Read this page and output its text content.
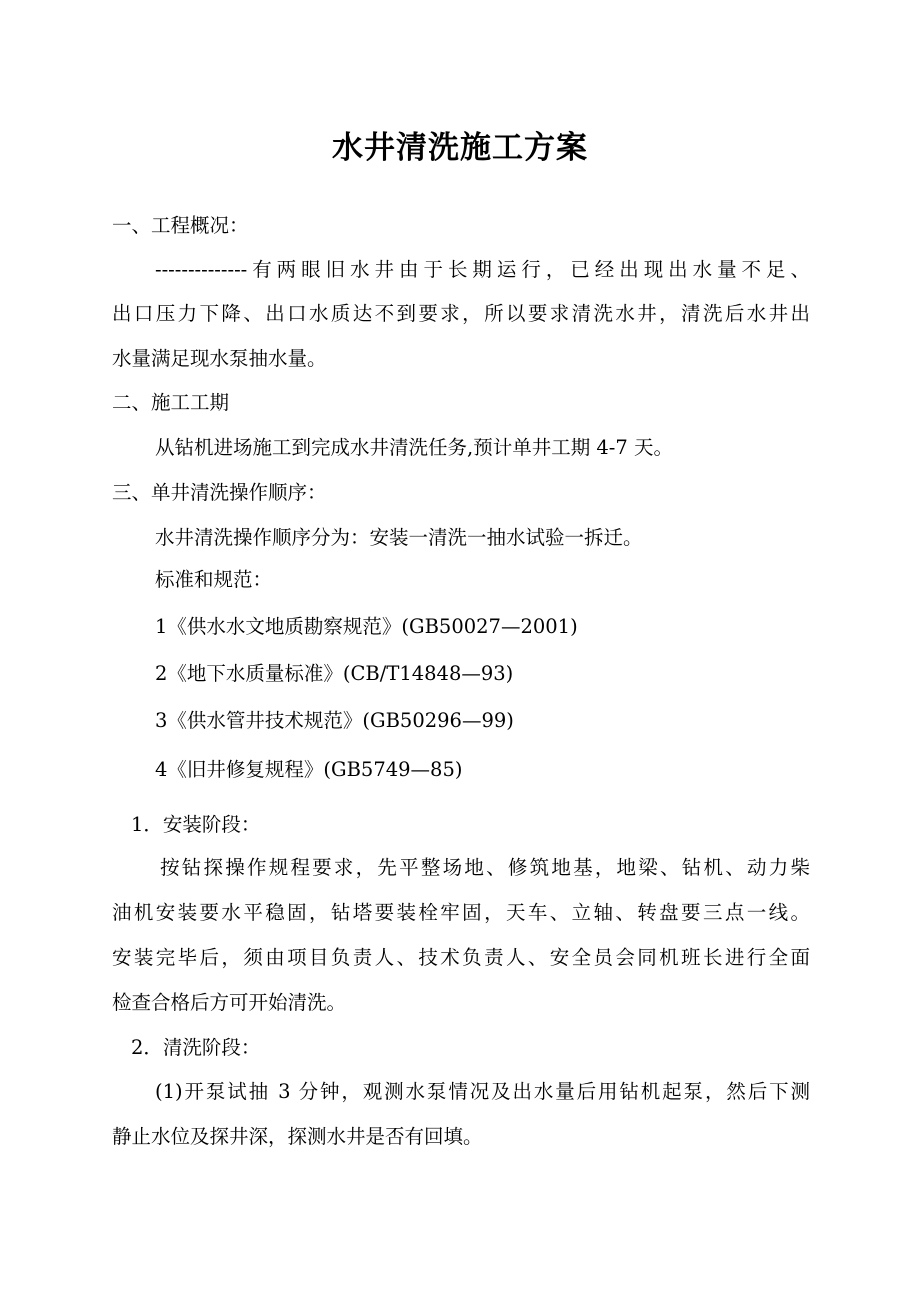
水井清洗施工方案
一、工程概况：
--------------有两眼旧水井由于长期运行，已经出现出水量不足、
出口压力下降、出口水质达不到要求，所以要求清洗水井，清洗后水井出
水量满足现水泵抽水量。
二、施工工期
从钻机进场施工到完成水井清洗任务,预计单井工期 4-7 天。
三、单井清洗操作顺序：
水井清洗操作顺序分为：安装一清洗一抽水试验一拆迁。
标准和规范：
1《供水水文地质勘察规范》(GB50027—2001)
2《地下水质量标准》(CB/T14848—93)
3《供水管井技术规范》(GB50296—99)
4《旧井修复规程》(GB5749—85)
1．安装阶段：
按钻探操作规程要求，先平整场地、修筑地基，地梁、钻机、动力柴
油机安装要水平稳固，钻塔要装栓牢固，天车、立轴、转盘要三点一线。
安装完毕后，须由项目负责人、技术负责人、安全员会同机班长进行全面
检查合格后方可开始清洗。
2．清洗阶段：
(1)开泵试抽 3 分钟，观测水泵情况及出水量后用钻机起泵，然后下测
静止水位及探井深，探测水井是否有回填。
